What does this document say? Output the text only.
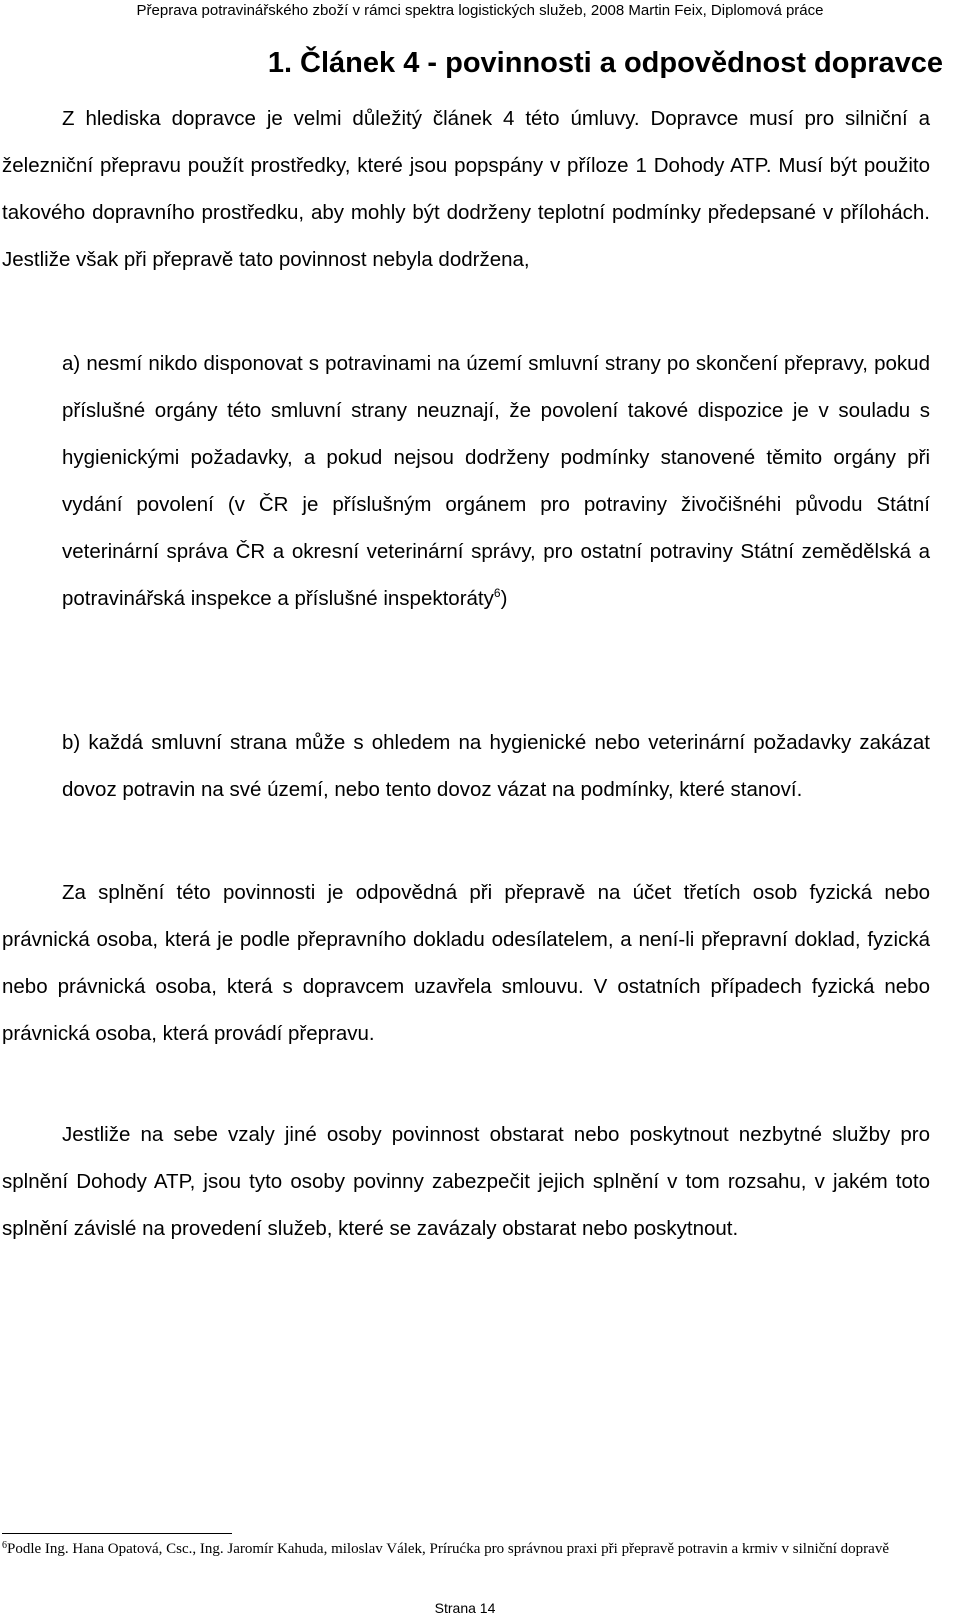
Přeprava potravinářského zboží v rámci spektra logistických služeb, 2008 Martin Feix, Diplomová práce
1. Článek 4 - povinnosti a odpovědnost dopravce

Z hlediska dopravce je velmi důležitý článek 4 této úmluvy. Dopravce musí pro silniční a železniční přepravu použít prostředky, které jsou popspány v příloze 1 Dohody ATP. Musí být použito takového dopravního prostředku, aby mohly být dodrženy teplotní podmínky předepsané v přílohách. Jestliže však při přepravě tato povinnost nebyla dodržena,

a) nesmí nikdo disponovat s potravinami na území smluvní strany po skončení přepravy, pokud příslušné orgány této smluvní strany neuznají, že povolení takové dispozice je v souladu s hygienickými požadavky, a pokud nejsou dodrženy podmínky stanovené těmito orgány při vydání povolení (v ČR je příslušným orgánem pro potraviny živočišnéhi původu Státní veterinární správa ČR a okresní veterinární správy, pro ostatní potraviny Státní zemědělská a potravinářská inspekce a příslušné inspektoráty$^6$)

b) každá smluvní strana může s ohledem na hygienické nebo veterinární požadavky zakázat dovoz potravin na své území, nebo tento dovoz vázat na podmínky, které stanoví.

Za splnění této povinnosti je odpovědná při přepravě na účet třetích osob fyzická nebo právnická osoba, která je podle přepravního dokladu odesílatelem, a není-li přepravní doklad, fyzická nebo právnická osoba, která s dopravcem uzavřela smlouvu. V ostatních případech fyzická nebo právnická osoba, která provádí přepravu.

Jestliže na sebe vzaly jiné osoby povinnost obstarat nebo poskytnout nezbytné služby pro splnění Dohody ATP, jsou tyto osoby povinny zabezpečit jejich splnění v tom rozsahu, v jakém toto splnění závislé na provedení služeb, které se zavázaly obstarat nebo poskytnout.

$^6$Podle Ing. Hana Opatová, Csc., Ing. Jaromír Kahuda, miloslav Válek, Prírućka pro správnou praxi při přepravě potravin a krmiv v silniční dopravě
Strana 14
